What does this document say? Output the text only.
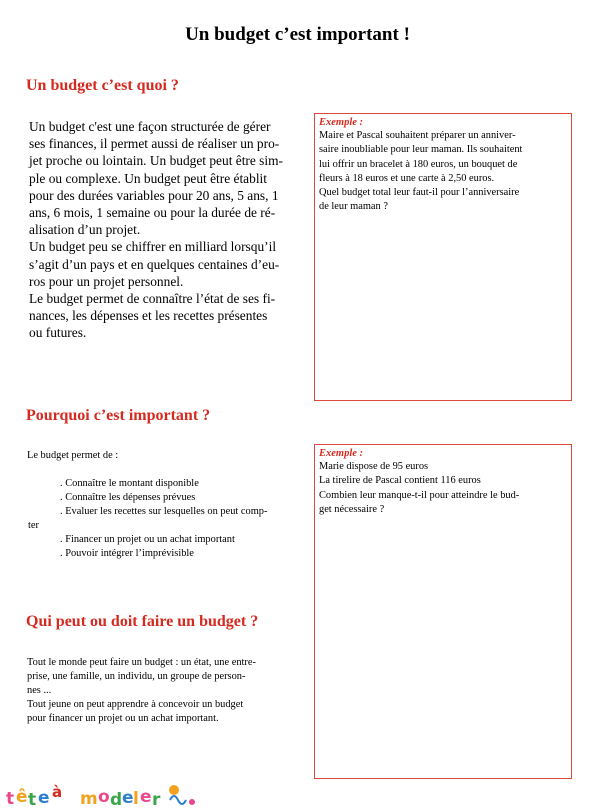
Un budget c’est important !
Un budget c’est quoi ?
Un budget c'est une façon structurée de gérer
ses finances, il permet aussi de réaliser un pro-
jet proche ou lointain. Un budget peut être sim-
ple ou complexe. Un budget peut être établit
pour des durées variables pour 20 ans, 5 ans, 1
ans, 6 mois, 1 semaine ou pour la durée de ré-
alisation d’un projet.
Un budget peu se chiffrer en milliard lorsqu’il
s’agit d’un pays et en quelques centaines d’eu-
ros pour un projet personnel.
Le budget permet de connaître l’état de ses fi-
nances, les dépenses et les recettes présentes
ou futures.
Exemple :
Maire et Pascal souhaitent préparer un anniver-
saire inoubliable pour leur maman. Ils souhaitent
lui offrir un bracelet à 180 euros, un bouquet de
fleurs à 18 euros et une carte à 2,50 euros.
Quel budget total leur faut-il pour l’anniversaire
de leur maman ?
Pourquoi c’est important ?
Le budget permet de :
. Connaître le montant disponible
. Connaître les dépenses prévues
. Evaluer les recettes sur lesquelles on peut comp-
ter
. Financer un projet ou un achat important
. Pouvoir intégrer l’imprévisible
Exemple :
Marie dispose de 95 euros
La tirelire de Pascal contient 116 euros
Combien leur manque-t-il pour atteindre le bud-
get nécessaire ?
Qui peut ou doit faire un budget ?
Tout le monde peut faire un budget : un état, une entre-
prise, une famille, un individu, un groupe de person-
nes ...
Tout jeune on peut apprendre à concevoir un budget
pour financer un projet ou un achat important.
t ê t e à m o d e l e r
